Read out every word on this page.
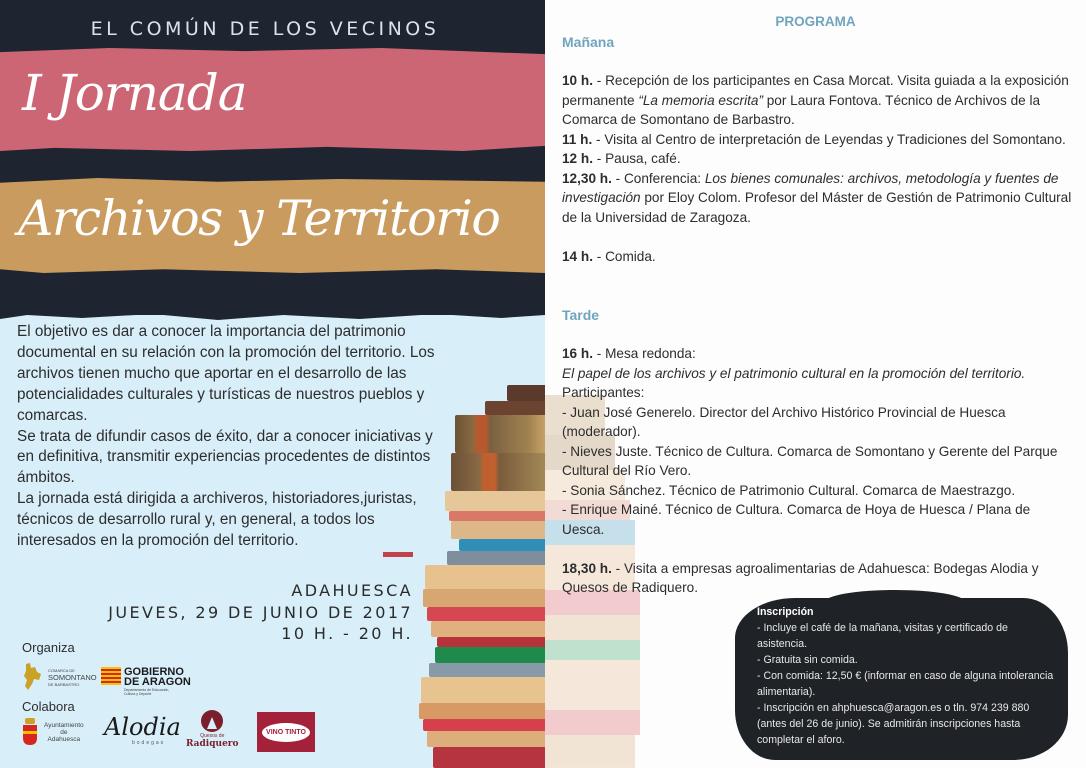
EL COMÚN DE LOS VECINOS
I Jornada
Archivos y Territorio

El objetivo es dar a conocer la importancia del patrimonio documental en su relación con la promoción del territorio. Los archivos tienen mucho que aportar en el desarrollo de las potencialidades culturales y turísticas de nuestros pueblos y comarcas.

Se trata de difundir casos de éxito, dar a conocer iniciativas y en definitiva, transmitir experiencias procedentes de distintos ámbitos.

La jornada está dirigida a archiveros, historiadores,juristas, técnicos de desarrollo rural y, en general, a todos los interesados en la promoción del territorio.

ADAHUESCA
JUEVES, 29 DE JUNIO DE 2017
10 H. - 20 H.
Organiza
COMARCA DE
SOMONTANO
DE BARBASTRO
GOBIERNO
DE ARAGON
Departamento de Educación, Cultura y Deporte
Colabora
Ayuntamiento
de
Adahuesca Alodia
bodegas
Quesos de
Radiquero
VINO TINTO
PROGRAMA
Mañana
10 h. - Recepción de los participantes en Casa Morcat. Visita guiada a la exposición permanente “La memoria escrita” por Laura Fontova. Técnico de Archivos de la Comarca de Somontano de Barbastro.
11 h. - Visita al Centro de interpretación de Leyendas y Tradiciones del Somontano.
12 h. - Pausa, café.
12,30 h. - Conferencia: Los bienes comunales: archivos, metodología y fuentes de investigación por Eloy Colom. Profesor del Máster de Gestión de Patrimonio Cultural de la Universidad de Zaragoza.
14 h. - Comida.
Tarde
16 h. - Mesa redonda:
El papel de los archivos y el patrimonio cultural en la promoción del territorio.
Participantes:
- Juan José Generelo. Director del Archivo Histórico Provincial de Huesca (moderador).
- Nieves Juste. Técnico de Cultura. Comarca de Somontano y Gerente del Parque Cultural del Río Vero.
- Sonia Sánchez. Técnico de Patrimonio Cultural. Comarca de Maestrazgo.
- Enrique Mainé. Técnico de Cultura. Comarca de Hoya de Huesca / Plana de Uesca.
18,30 h. - Visita a empresas agroalimentarias de Adahuesca: Bodegas Alodia y Quesos de Radiquero.
Inscripción
- Incluye el café de la mañana, visitas y certificado de asistencia.
- Gratuita sin comida.
- Con comida: 12,50 € (informar en caso de alguna intolerancia alimentaria).
- Inscripción en ahphuesca@aragon.es o tln. 974 239 880 (antes del 26 de junio). Se admitirán inscripciones hasta completar el aforo.
